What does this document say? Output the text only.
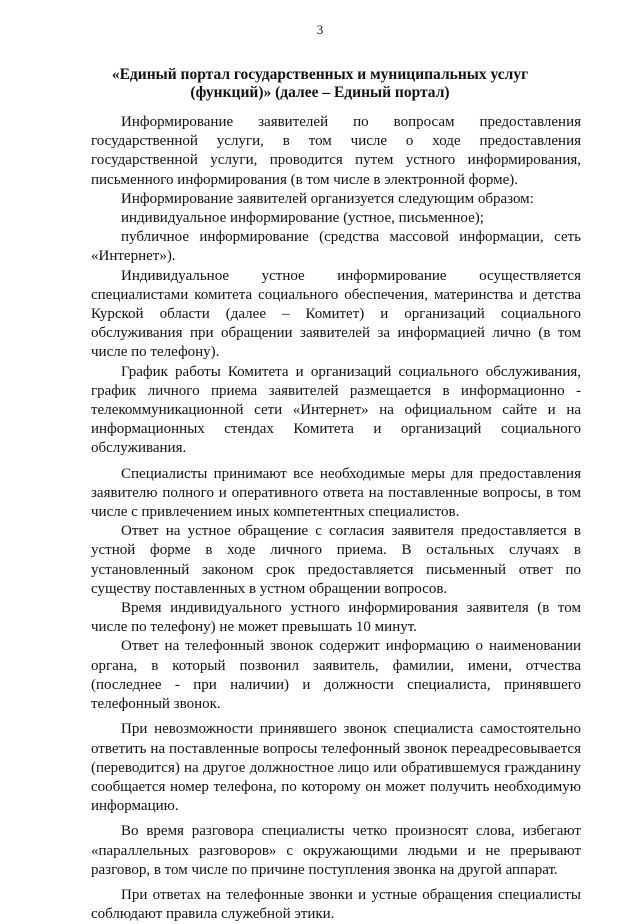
3
«Единый портал государственных и муниципальных услуг
(функций)» (далее – Единый портал)

Информирование заявителей по вопросам предоставления государственной услуги, в том числе о ходе предоставления государственной услуги, проводится путем устного информирования, письменного информирования (в том числе в электронной форме).

Информирование заявителей организуется следующим образом:

индивидуальное информирование (устное, письменное);

публичное информирование (средства массовой информации, сеть «Интернет»).

Индивидуальное устное информирование осуществляется специалистами комитета социального обеспечения, материнства и детства Курской области (далее – Комитет) и организаций социального обслуживания при обращении заявителей за информацией лично (в том числе по телефону).

График работы Комитета и организаций социального обслуживания, график личного приема заявителей размещается в информационно - телекоммуникационной сети «Интернет» на официальном сайте и на информационных стендах Комитета и организаций социального обслуживания.

Специалисты принимают все необходимые меры для предоставления заявителю полного и оперативного ответа на поставленные вопросы, в том числе с привлечением иных компетентных специалистов.

Ответ на устное обращение с согласия заявителя предоставляется в устной форме в ходе личного приема. В остальных случаях в установленный законом срок предоставляется письменный ответ по существу поставленных в устном обращении вопросов.

Время индивидуального устного информирования заявителя (в том числе по телефону) не может превышать 10 минут.

Ответ на телефонный звонок содержит информацию о наименовании органа, в который позвонил заявитель, фамилии, имени, отчества (последнее - при наличии) и должности специалиста, принявшего телефонный звонок.

При невозможности принявшего звонок специалиста самостоятельно ответить на поставленные вопросы телефонный звонок переадресовывается (переводится) на другое должностное лицо или обратившемуся гражданину сообщается номер телефона, по которому он может получить необходимую информацию.

Во время разговора специалисты четко произносят слова, избегают «параллельных разговоров» с окружающими людьми и не прерывают разговор, в том числе по причине поступления звонка на другой аппарат.

При ответах на телефонные звонки и устные обращения специалисты соблюдают правила служебной этики.
